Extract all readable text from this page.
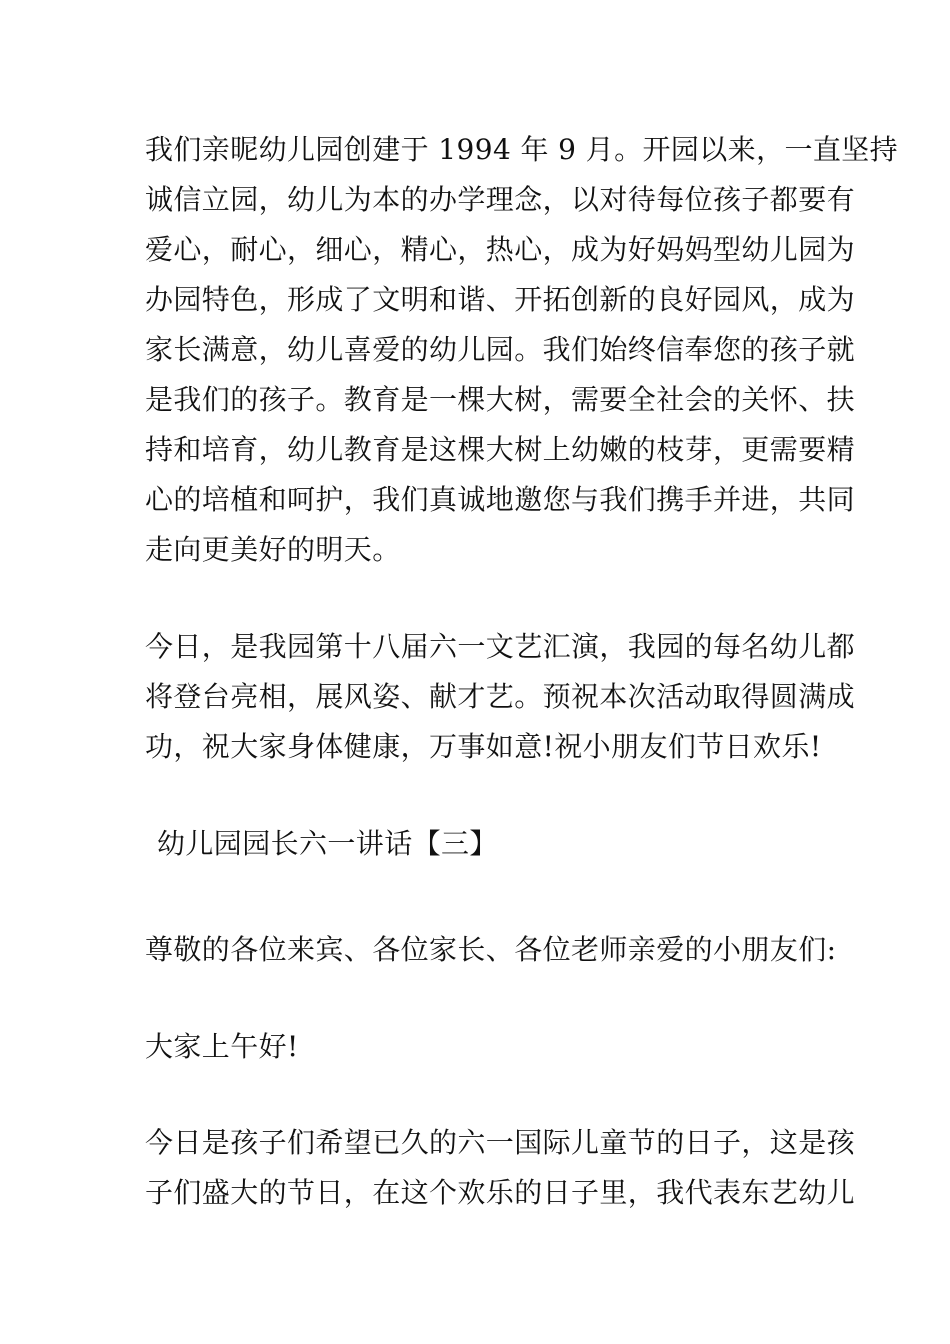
我们亲昵幼儿园创建于 1994 年 9 月。开园以来，一直坚持
诚信立园，幼儿为本的办学理念，以对待每位孩子都要有
爱心，耐心，细心，精心，热心，成为好妈妈型幼儿园为
办园特色，形成了文明和谐、开拓创新的良好园风，成为
家长满意，幼儿喜爱的幼儿园。我们始终信奉您的孩子就
是我们的孩子。教育是一棵大树，需要全社会的关怀、扶
持和培育，幼儿教育是这棵大树上幼嫩的枝芽，更需要精
心的培植和呵护，我们真诚地邀您与我们携手并进，共同
走向更美好的明天。
今日，是我园第十八届六一文艺汇演，我园的每名幼儿都
将登台亮相，展风姿、献才艺。预祝本次活动取得圆满成
功，祝大家身体健康，万事如意!祝小朋友们节日欢乐!
幼儿园园长六一讲话【三】
尊敬的各位来宾、各位家长、各位老师亲爱的小朋友们:
大家上午好!
今日是孩子们希望已久的六一国际儿童节的日子，这是孩
子们盛大的节日，在这个欢乐的日子里，我代表东艺幼儿
